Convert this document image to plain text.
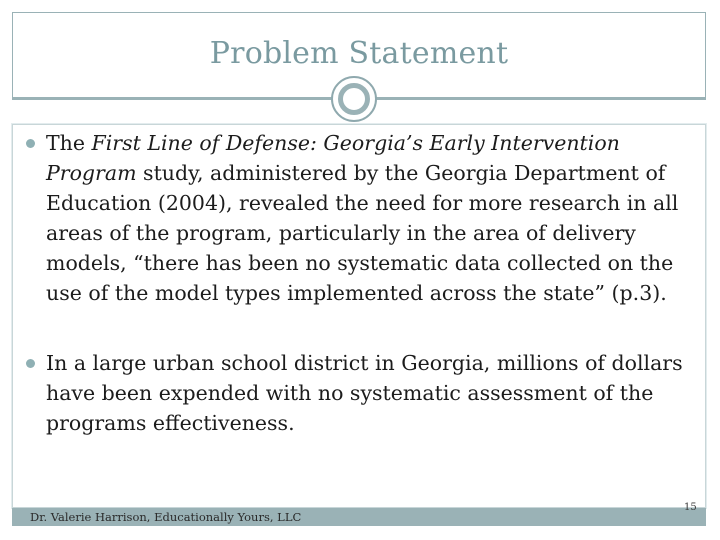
Problem Statement
The First Line of Defense: Georgia’s Early Intervention Program study, administered by the Georgia Department of Education (2004), revealed the need for more research in all areas of the program, particularly in the area of delivery models, “there has been no systematic data collected on the use of the model types implemented across the state” (p.3).
In a large urban school district in Georgia, millions of dollars have been expended with no systematic assessment of the programs effectiveness.
Dr. Valerie Harrison, Educationally Yours, LLC
15
